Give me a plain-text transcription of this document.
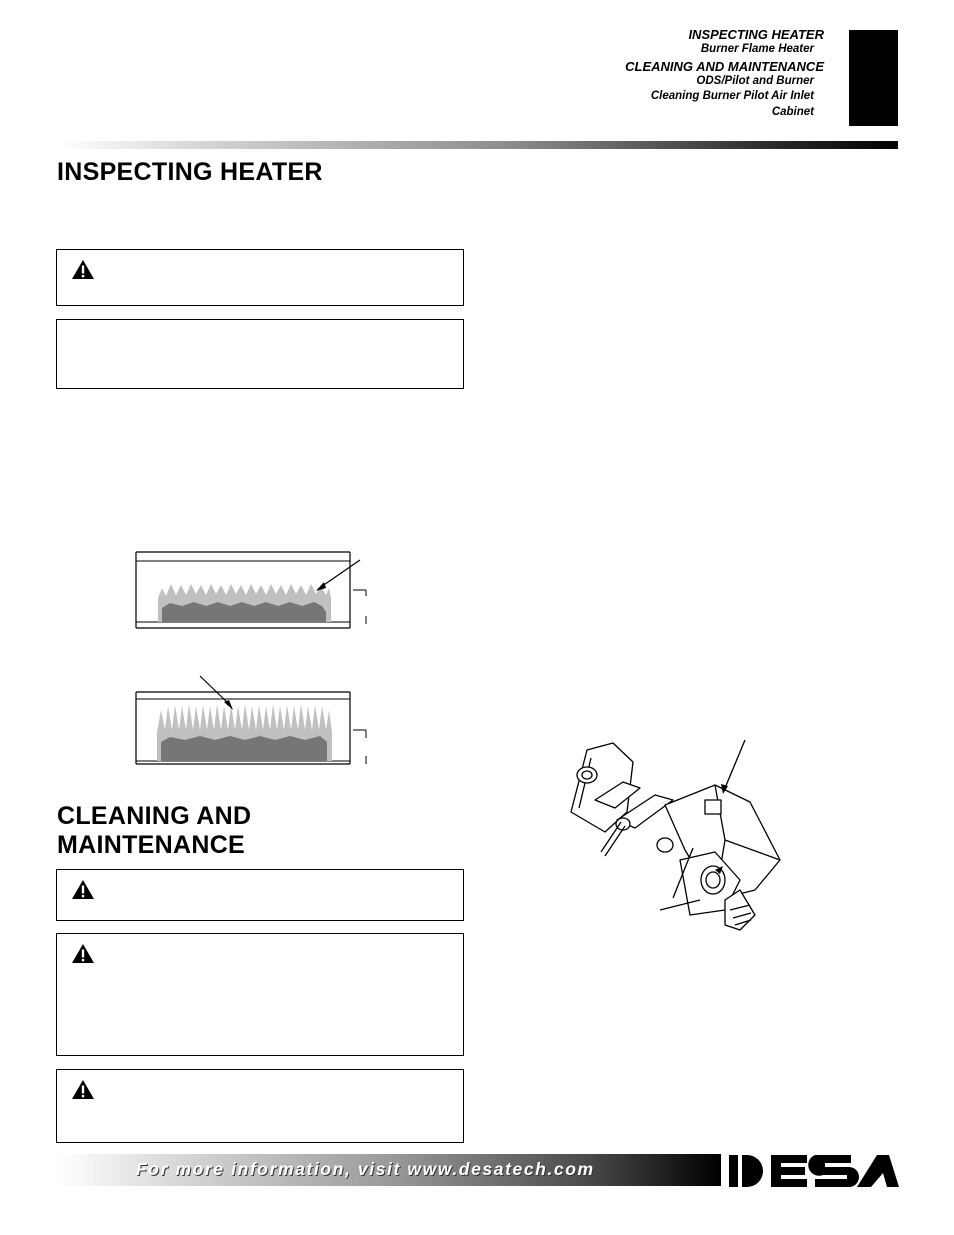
INSPECTING HEATER
Burner Flame Heater
CLEANING AND MAINTENANCE
ODS/Pilot and Burner
Cleaning Burner Pilot Air Inlet
Cabinet
INSPECTING HEATER
CLEANING AND
MAINTENANCE
For more information, visit www.desatech.com
DESA
